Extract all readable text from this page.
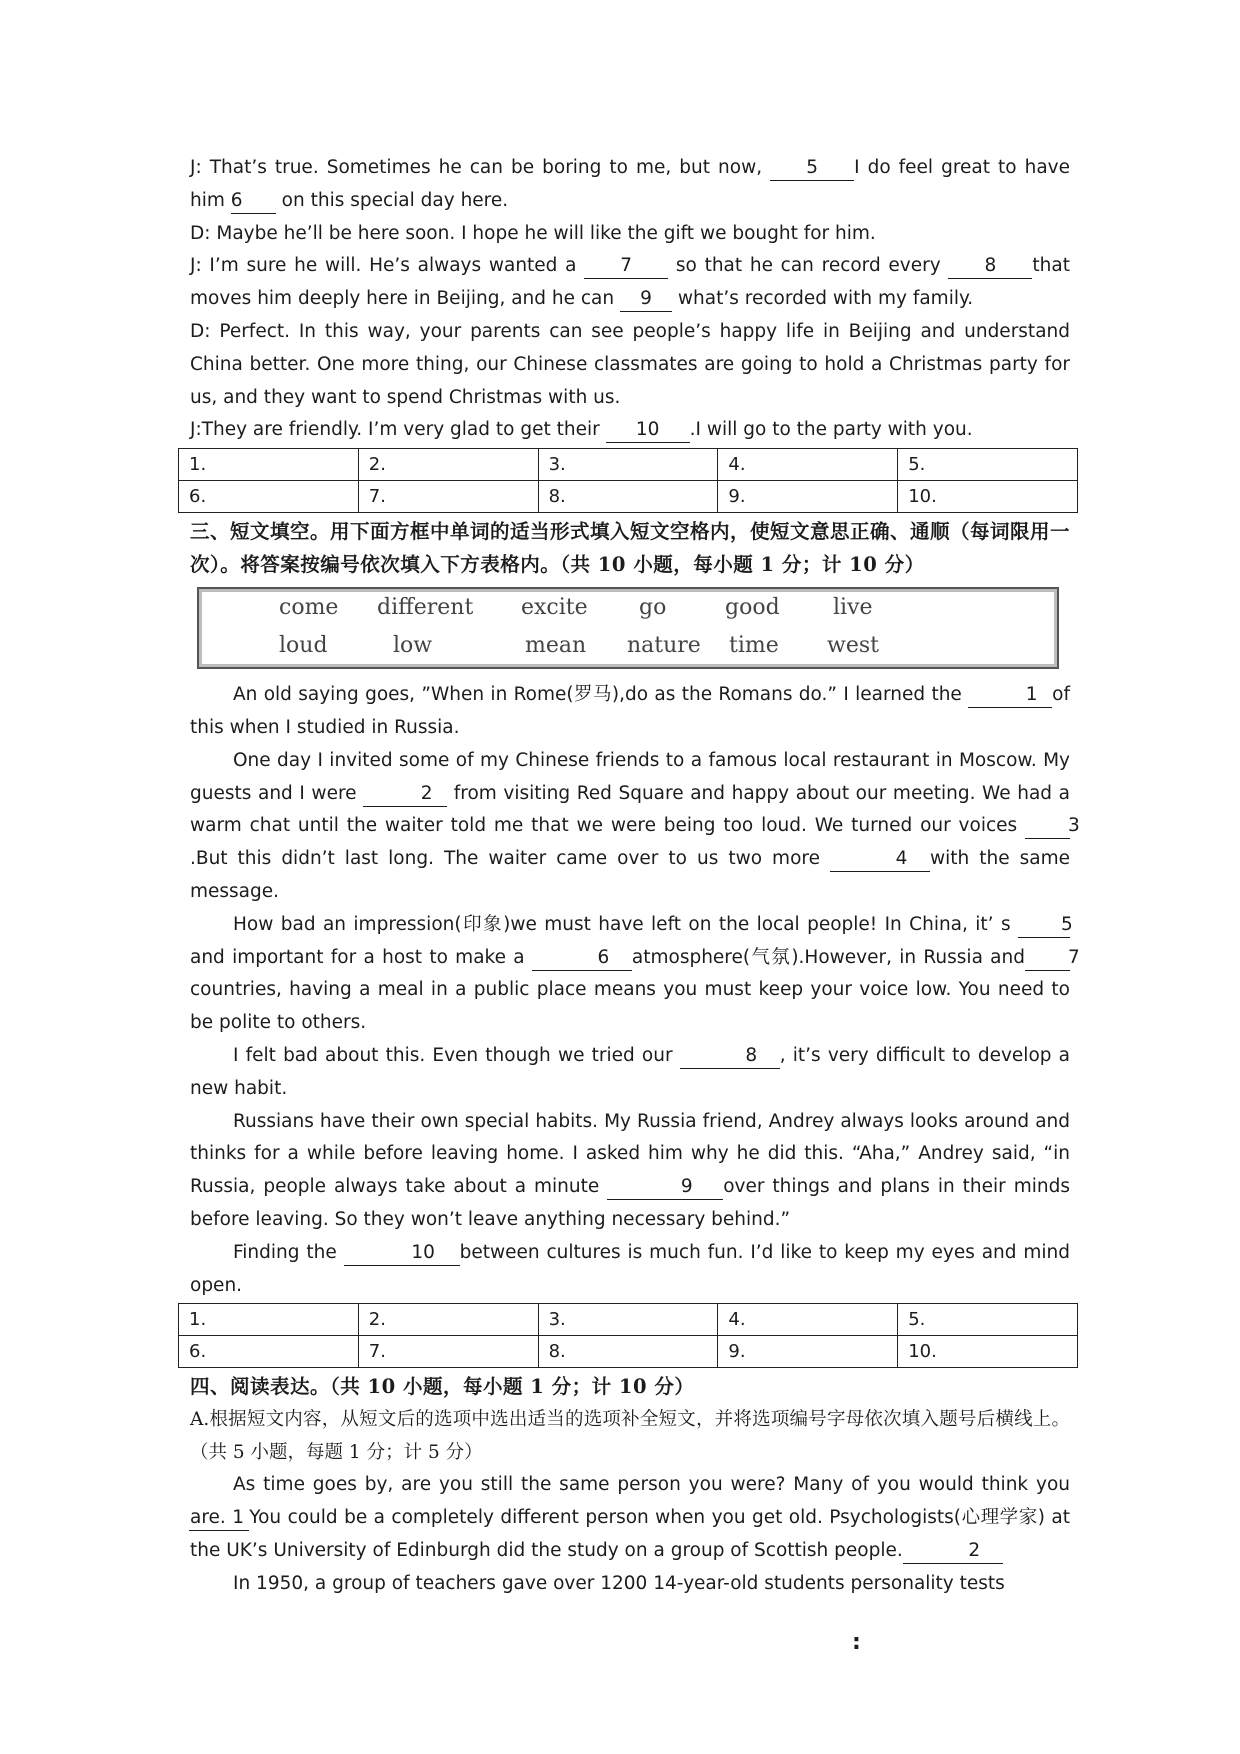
J: That’s true. Sometimes he can be boring to me, but now, 5 I do feel great to have him 6 on this special day here.

D: Maybe he’ll be here soon. I hope he will like the gift we bought for him.

J: I’m sure he will. He’s always wanted a 7 so that he can record every 8 that moves him deeply here in Beijing, and he can 9 what’s recorded with my family.

D: Perfect. In this way, your parents can see people’s happy life in Beijing and understand China better. One more thing, our Chinese classmates are going to hold a Christmas party for us, and they want to spend Christmas with us.

J:They are friendly. I’m very glad to get their 10 .I will go to the party with you.

1.	2.	3.	4.	5.
6.	7.	8.	9.	10.

三、短文填空。用下面方框中单词的适当形式填入短文空格内，使短文意思正确、通顺（每词限用一次）。将答案按编号依次填入下方表格内。（共 10 小题，每小题 1 分；计 10 分）

come different excite go	good live
loud	low	mean nature time west

An old saying goes, ”When in Rome(罗马),do as the Romans do.” I learned the	1 of this when I studied in Russia.

One day I invited some of my Chinese friends to a famous local restaurant in Moscow. My guests and I were	2 from visiting Red Square and happy about our meeting. We had a warm chat until the waiter told me that we were being too loud. We turned our voices	3.But this didn’t last long. The waiter came over to us two more	4 with the same message.

How bad an impression(印象)we must have left on the local people! In China, it’ s	5 and important for a host to make a	6 atmosphere(气氛).However, in Russia and 7 countries, having a meal in a public place means you must keep your voice low. You need to be polite to others.

I felt bad about this. Even though we tried our	8 , it’s very difficult to develop a new habit.

Russians have their own special habits. My Russia friend, Andrey always looks around and thinks for a while before leaving home. I asked him why he did this. “Aha,” Andrey said, “in Russia, people always take about a minute	9 over things and plans in their minds before leaving. So they won’t leave anything necessary behind.”

Finding the	10 between cultures is much fun. I’d like to keep my eyes and mind open.

1.	2.	3.	4.	5.
6.	7.	8.	9.	10.

四、阅读表达。（共 10 小题，每小题 1 分；计 10 分）

A.根据短文内容，从短文后的选项中选出适当的选项补全短文，并将选项编号字母依次填入题号后横线上。（共 5 小题，每题 1 分；计 5 分）

As time goes by, are you still the same person you were? Many of you would think you are. 1 You could be a completely different person when you get old. Psychologists(心理学家) at the UK’s University of Edinburgh did the study on a group of Scottish people.	2

In 1950, a group of teachers gave over 1200 14-year-old students personality tests

:
